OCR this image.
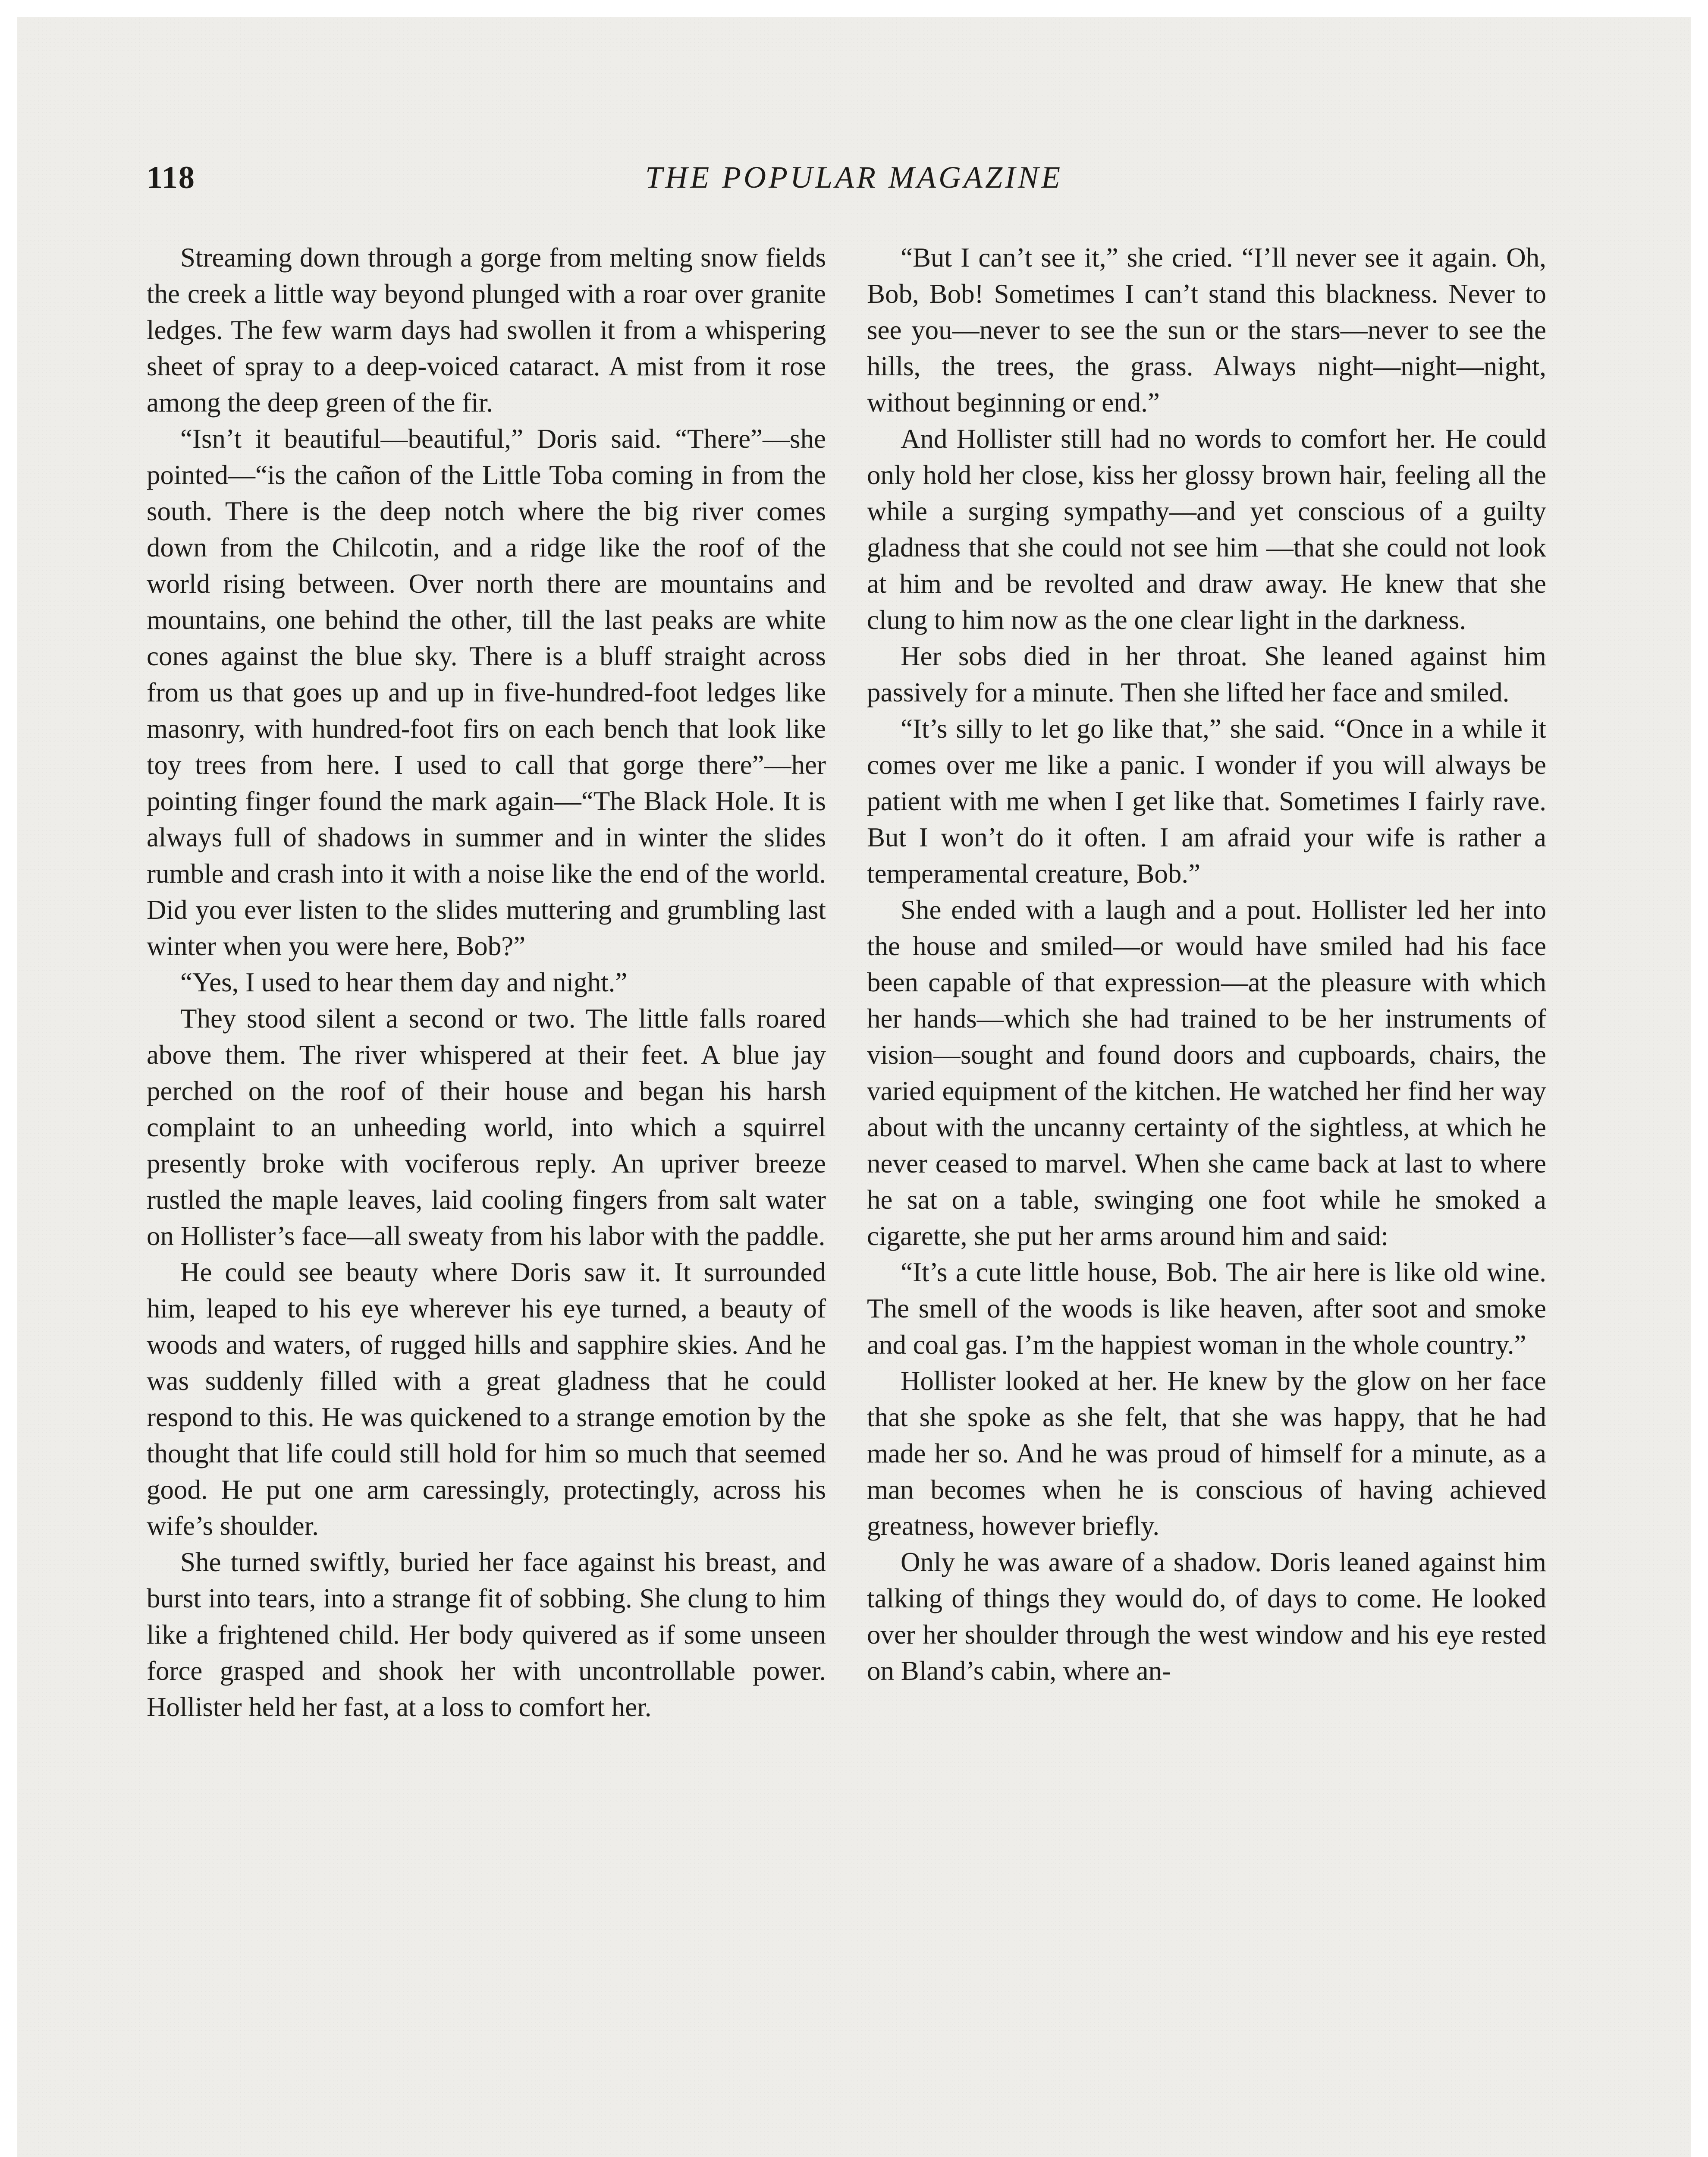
118	THE POPULAR MAGAZINE

Streaming down through a gorge from melting snow fields the creek a little way beyond plunged with a roar over granite ledges. The few warm days had swollen it from a whispering sheet of spray to a deep-voiced cataract. A mist from it rose among the deep green of the fir.

“Isn’t it beautiful—beautiful,” Doris said. “There”—she pointed—“is the cañon of the Little Toba coming in from the south. There is the deep notch where the big river comes down from the Chilcotin, and a ridge like the roof of the world rising between. Over north there are mountains and mountains, one behind the other, till the last peaks are white cones against the blue sky. There is a bluff straight across from us that goes up and up in five-hundred-foot ledges like masonry, with hundred-foot firs on each bench that look like toy trees from here. I used to call that gorge there”—her pointing finger found the mark again—“The Black Hole. It is always full of shadows in summer and in winter the slides rumble and crash into it with a noise like the end of the world. Did you ever listen to the slides muttering and grumbling last winter when you were here, Bob?”

“Yes, I used to hear them day and night.”

They stood silent a second or two. The little falls roared above them. The river whispered at their feet. A blue jay perched on the roof of their house and began his harsh complaint to an unheeding world, into which a squirrel presently broke with vociferous reply. An upriver breeze rustled the maple leaves, laid cooling fingers from salt water on Hollister’s face—all sweaty from his labor with the paddle.

He could see beauty where Doris saw it. It surrounded him, leaped to his eye wherever his eye turned, a beauty of woods and waters, of rugged hills and sapphire skies. And he was suddenly filled with a great gladness that he could respond to this. He was quickened to a strange emotion by the thought that life could still hold for him so much that seemed good. He put one arm caressingly, protectingly, across his wife’s shoulder.

She turned swiftly, buried her face against his breast, and burst into tears, into a strange fit of sobbing. She clung to him like a frightened child. Her body quivered as if some unseen force grasped and shook her with uncontrollable power. Hollister held her fast, at a loss to comfort her.

“But I can’t see it,” she cried. “I’ll never see it again. Oh, Bob, Bob! Sometimes I can’t stand this blackness. Never to see you—never to see the sun or the stars—never to see the hills, the trees, the grass. Always night—night—night, without beginning or end.”

And Hollister still had no words to comfort her. He could only hold her close, kiss her glossy brown hair, feeling all the while a surging sympathy—and yet conscious of a guilty gladness that she could not see him —that she could not look at him and be revolted and draw away. He knew that she clung to him now as the one clear light in the darkness.

Her sobs died in her throat. She leaned against him passively for a minute. Then she lifted her face and smiled.

“It’s silly to let go like that,” she said. “Once in a while it comes over me like a panic. I wonder if you will always be patient with me when I get like that. Sometimes I fairly rave. But I won’t do it often. I am afraid your wife is rather a temperamental creature, Bob.”

She ended with a laugh and a pout. Hollister led her into the house and smiled—or would have smiled had his face been capable of that expression—at the pleasure with which her hands—which she had trained to be her instruments of vision—sought and found doors and cupboards, chairs, the varied equipment of the kitchen. He watched her find her way about with the uncanny certainty of the sightless, at which he never ceased to marvel. When she came back at last to where he sat on a table, swinging one foot while he smoked a cigarette, she put her arms around him and said:

“It’s a cute little house, Bob. The air here is like old wine. The smell of the woods is like heaven, after soot and smoke and coal gas. I’m the happiest woman in the whole country.”

Hollister looked at her. He knew by the glow on her face that she spoke as she felt, that she was happy, that he had made her so. And he was proud of himself for a minute, as a man becomes when he is conscious of having achieved greatness, however briefly.

Only he was aware of a shadow. Doris leaned against him talking of things they would do, of days to come. He looked over her shoulder through the west window and his eye rested on Bland’s cabin, where an-
